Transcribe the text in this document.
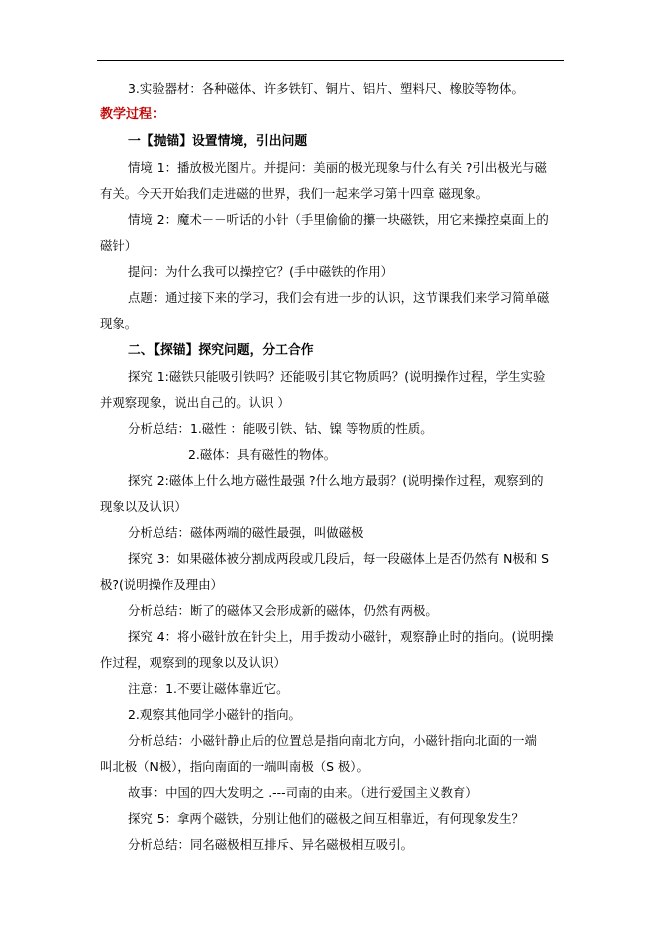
3.实验器材：各种磁体、许多铁钉、铜片、铝片、塑料尺、橡胶等物体。
教学过程：
一【抛锚】设置情境，引出问题
情境 1：播放极光图片。并提问：美丽的极光现象与什么有关 ?引出极光与磁
有关。今天开始我们走进磁的世界，我们一起来学习第十四章 磁现象。
情境 2：魔术－－听话的小针（手里偷偷的攥一块磁铁，用它来操控桌面上的
磁针）
提问：为什么我可以操控它？(手中磁铁的作用）
点题：通过接下来的学习，我们会有进一步的认识，这节课我们来学习简单磁
现象。
二、【探锚】探究问题，分工合作
探究 1:磁铁只能吸引铁吗？还能吸引其它物质吗？(说明操作过程，学生实验
并观察现象，说出自己的。认识 ）
分析总结：1.磁性 ：能吸引铁、钴、镍 等物质的性质。
2.磁体：具有磁性的物体。
探究 2:磁体上什么地方磁性最强 ?什么地方最弱？(说明操作过程，观察到的
现象以及认识）
分析总结：磁体两端的磁性最强，叫做磁极
探究 3：如果磁体被分割成两段或几段后，每一段磁体上是否仍然有 N极和 S
极?(说明操作及理由）
分析总结：断了的磁体又会形成新的磁体，仍然有两极。
探究 4：将小磁针放在针尖上，用手拨动小磁针，观察静止时的指向。(说明操
作过程，观察到的现象以及认识）
注意：1.不要让磁体靠近它。
2.观察其他同学小磁针的指向。
分析总结：小磁针静止后的位置总是指向南北方向，小磁针指向北面的一端
叫北极（N极），指向南面的一端叫南极（S 极）。
故事：中国的四大发明之 .---司南的由来。（进行爱国主义教育）
探究 5：拿两个磁铁，分别让他们的磁极之间互相靠近，有何现象发生？
分析总结：同名磁极相互排斥、异名磁极相互吸引。
